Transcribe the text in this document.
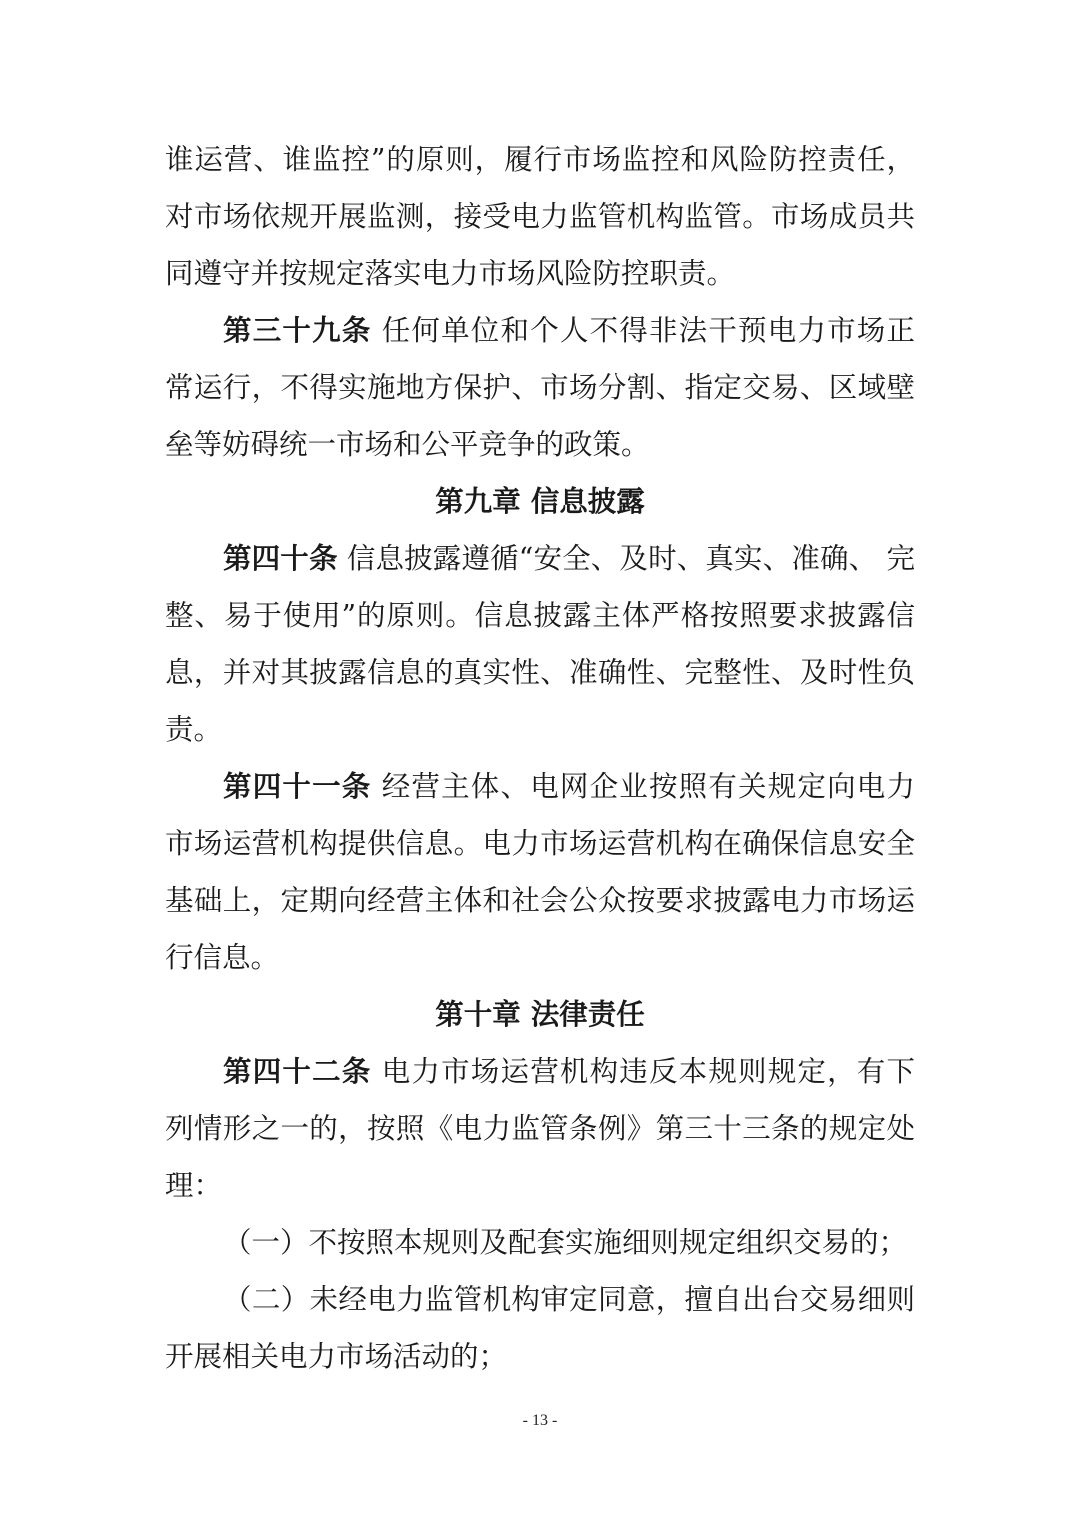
谁运营、谁监控”的原则，履行市场监控和风险防控责任，
对市场依规开展监测，接受电力监管机构监管。市场成员共
同遵守并按规定落实电力市场风险防控职责。
第三十九条 任何单位和个人不得非法干预电力市场正
常运行，不得实施地方保护、市场分割、指定交易、区域壁
垒等妨碍统一市场和公平竞争的政策。
第九章 信息披露
第四十条 信息披露遵循“安全、及时、真实、准确、 完
整、易于使用”的原则。信息披露主体严格按照要求披露信
息，并对其披露信息的真实性、准确性、完整性、及时性负
责。
第四十一条 经营主体、电网企业按照有关规定向电力
市场运营机构提供信息。电力市场运营机构在确保信息安全
基础上，定期向经营主体和社会公众按要求披露电力市场运
行信息。
第十章 法律责任
第四十二条 电力市场运营机构违反本规则规定，有下
列情形之一的，按照《电力监管条例》第三十三条的规定处
理：
（一）不按照本规则及配套实施细则规定组织交易的；
（二）未经电力监管机构审定同意，擅自出台交易细则
开展相关电力市场活动的；
- 13 -
